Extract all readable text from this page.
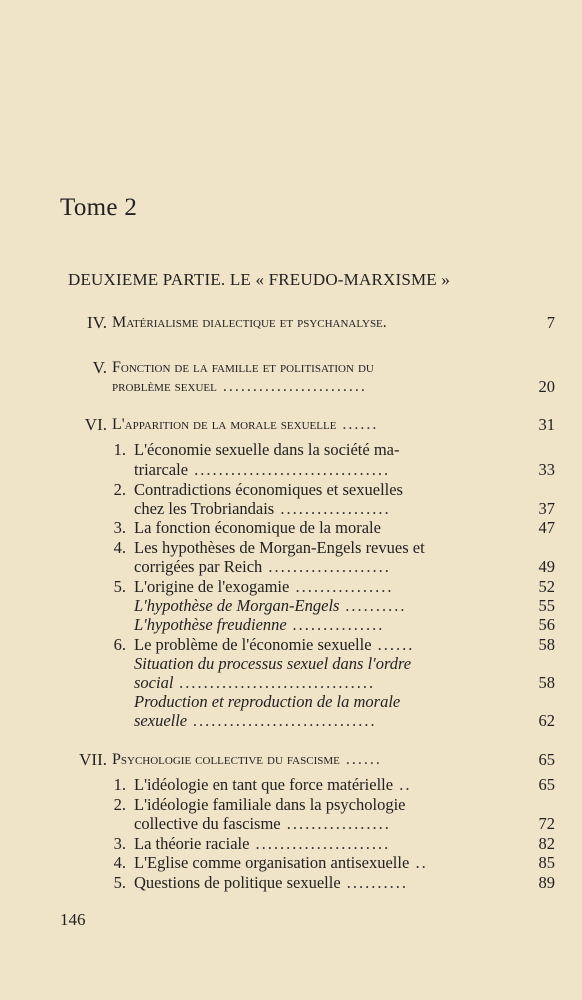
Tome 2
DEUXIEME PARTIE. LE « FREUDO-MARXISME »
IV. Matérialisme dialectique et psychanalyse.	7
V. Fonction de la famille et politisation du
problème sexuel ........................	20
VI. L'apparition de la morale sexuelle ......	31
1. L'économie sexuelle dans la société ma-
triarcale ................................	33
2. Contradictions économiques et sexuelles
chez les Trobriandais ..................	37
3. La fonction économique de la morale	47
4. Les hypothèses de Morgan-Engels revues et
corrigées par Reich ....................	49
5. L'origine de l'exogamie ................	52
L'hypothèse de Morgan-Engels ..........	55
L'hypothèse freudienne ...............	56
6. Le problème de l'économie sexuelle ......	58
Situation du processus sexuel dans l'ordre
social ................................	58
Production et reproduction de la morale
sexuelle ..............................	62
VII. Psychologie collective du fascisme ......	65
1. L'idéologie en tant que force matérielle ..	65
2. L'idéologie familiale dans la psychologie
collective du fascisme .................	72
3. La théorie raciale ......................	82
4. L'Eglise comme organisation antisexuelle ..	85
5. Questions de politique sexuelle ..........	89
146
